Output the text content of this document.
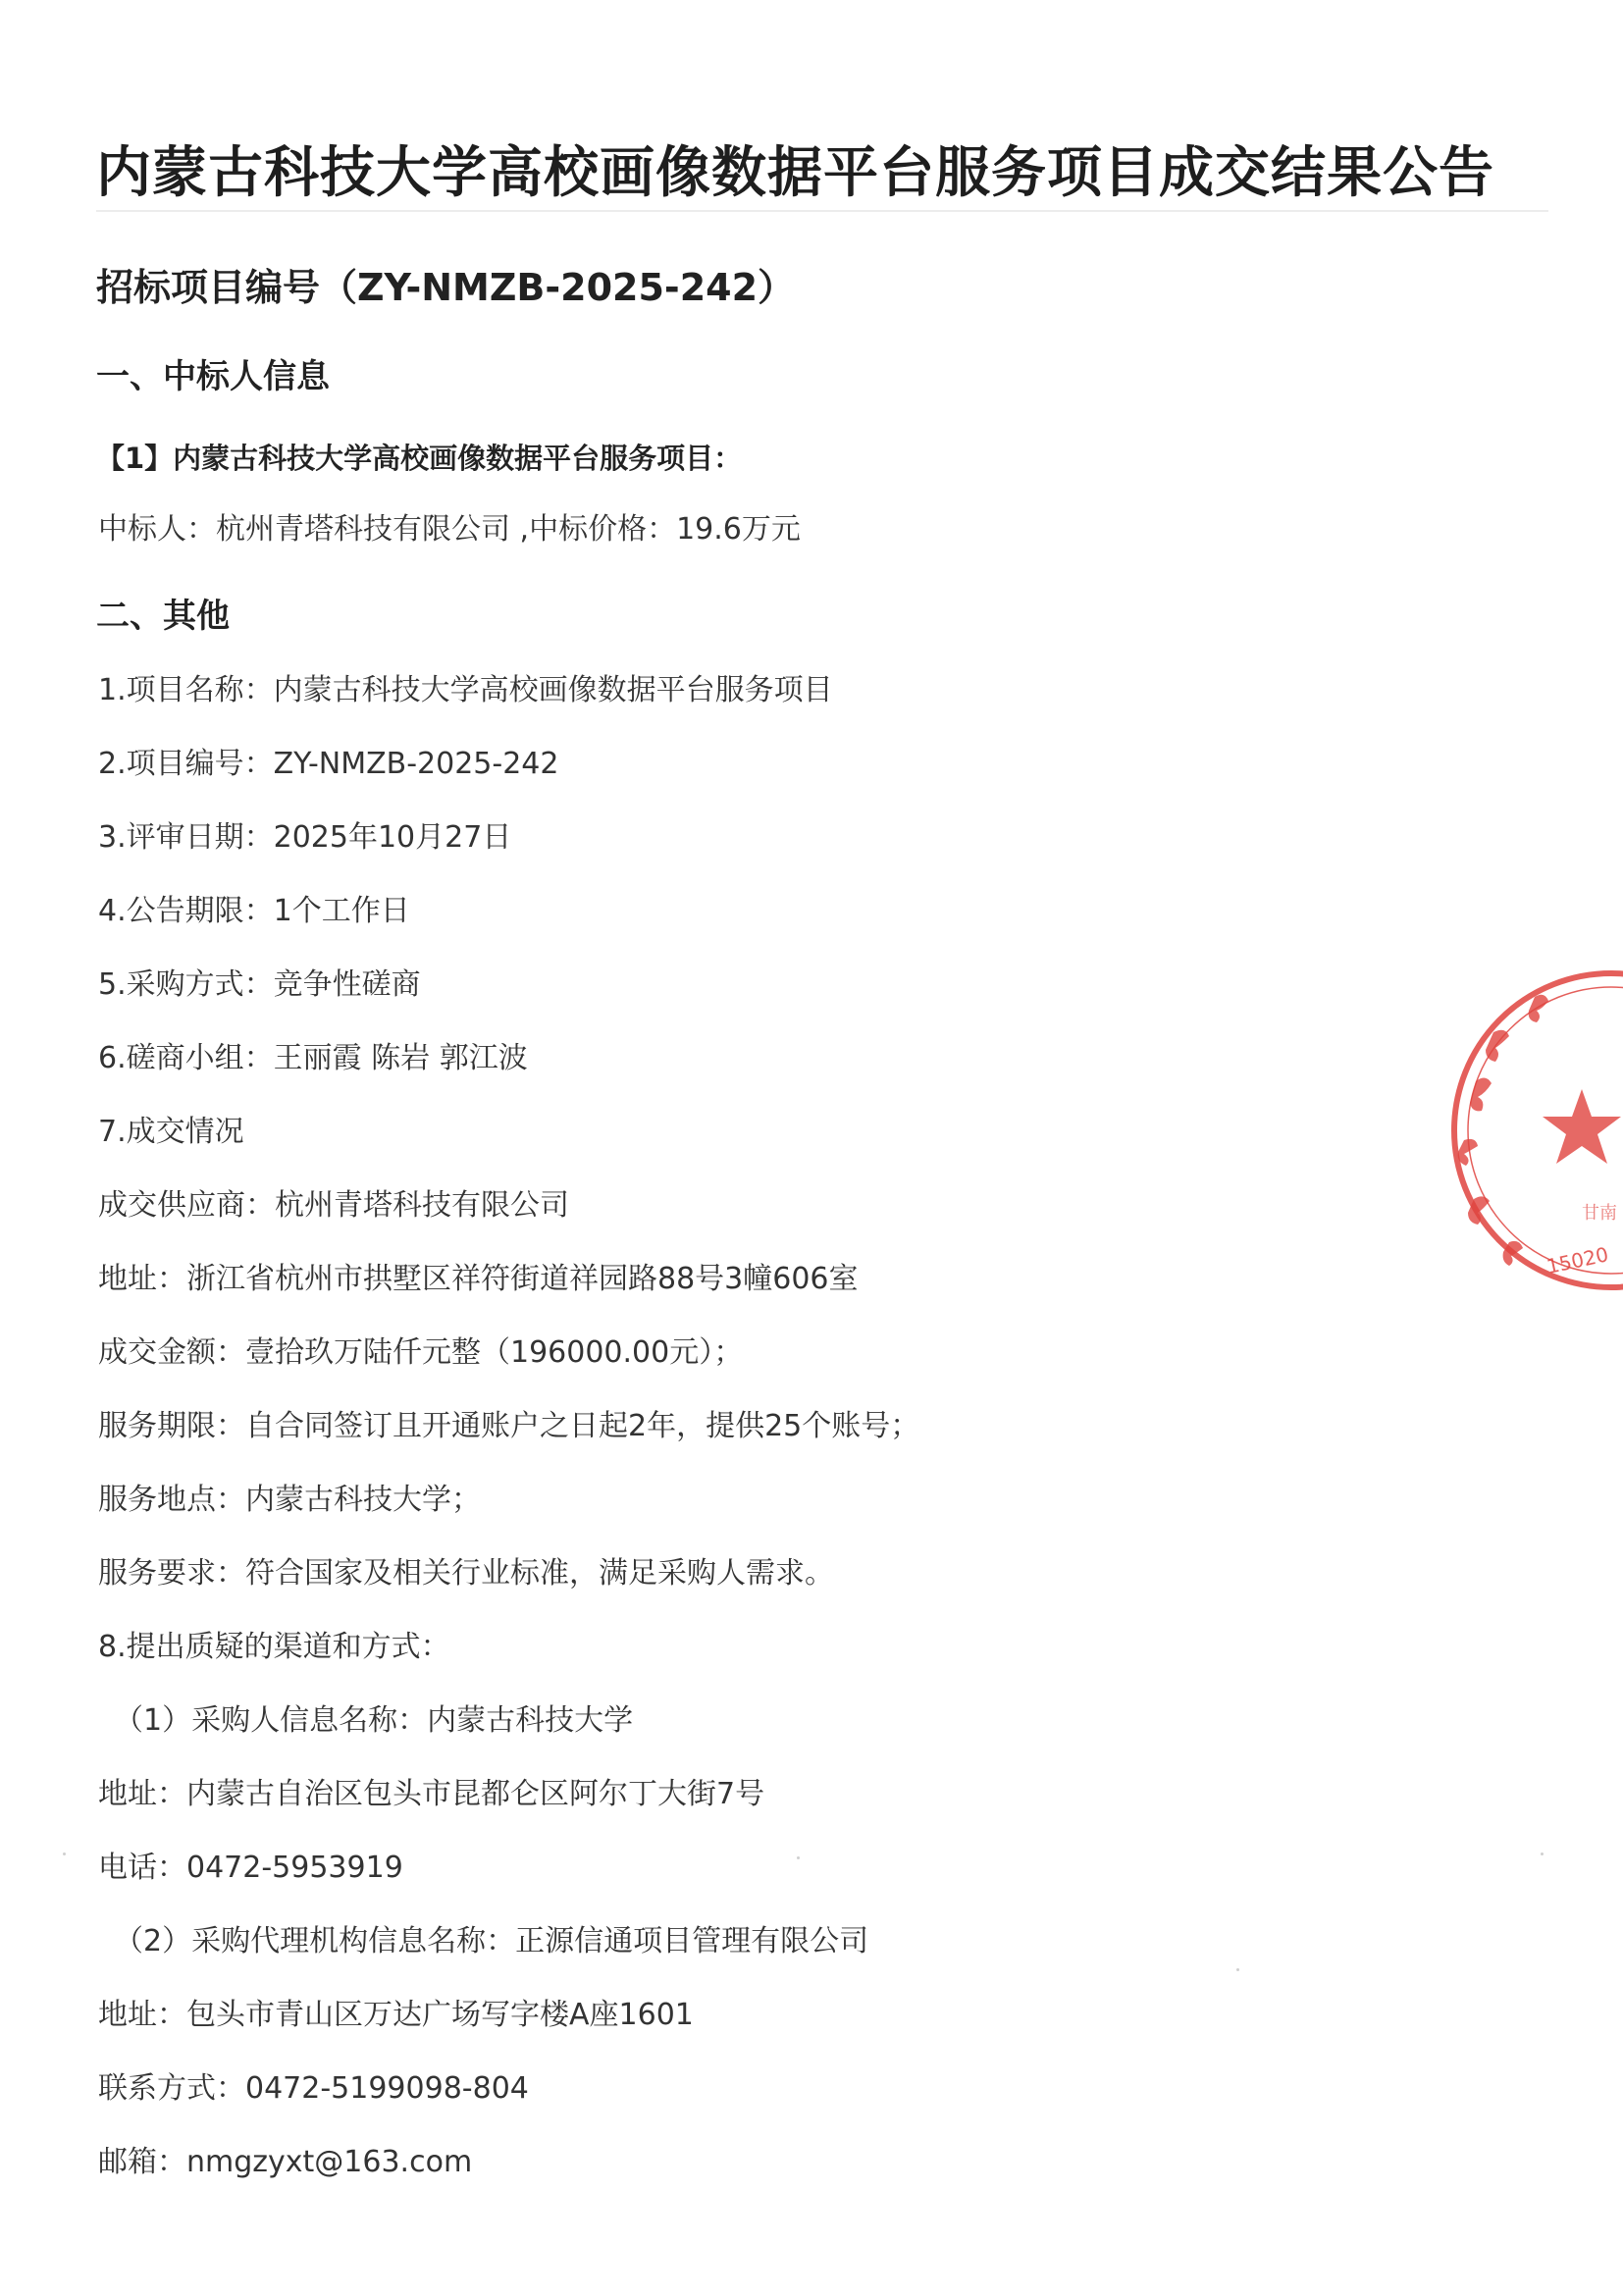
内蒙古科技大学高校画像数据平台服务项目成交结果公告
招标项目编号（ZY-NMZB-2025-242）
一、中标人信息
【1】内蒙古科技大学高校画像数据平台服务项目：
中标人：杭州青塔科技有限公司 ,中标价格：19.6万元
二、其他
1.项目名称：内蒙古科技大学高校画像数据平台服务项目
2.项目编号：ZY-NMZB-2025-242
3.评审日期：2025年10月27日
4.公告期限：1个工作日
5.采购方式：竞争性磋商
6.磋商小组：王丽霞 陈岩 郭江波
7.成交情况
成交供应商：杭州青塔科技有限公司
地址：浙江省杭州市拱墅区祥符街道祥园路88号3幢606室
成交金额：壹拾玖万陆仟元整（196000.00元）；
服务期限：自合同签订且开通账户之日起2年，提供25个账号；
服务地点：内蒙古科技大学；
服务要求：符合国家及相关行业标准，满足采购人需求。
8.提出质疑的渠道和方式：
（1）采购人信息名称：内蒙古科技大学
地址：内蒙古自治区包头市昆都仑区阿尔丁大街7号
电话：0472-5953919
（2）采购代理机构信息名称：正源信通项目管理有限公司
地址：包头市青山区万达广场写字楼A座1601
联系方式：0472-5199098-804
邮箱：nmgzyxt@163.com
15020
甘南
